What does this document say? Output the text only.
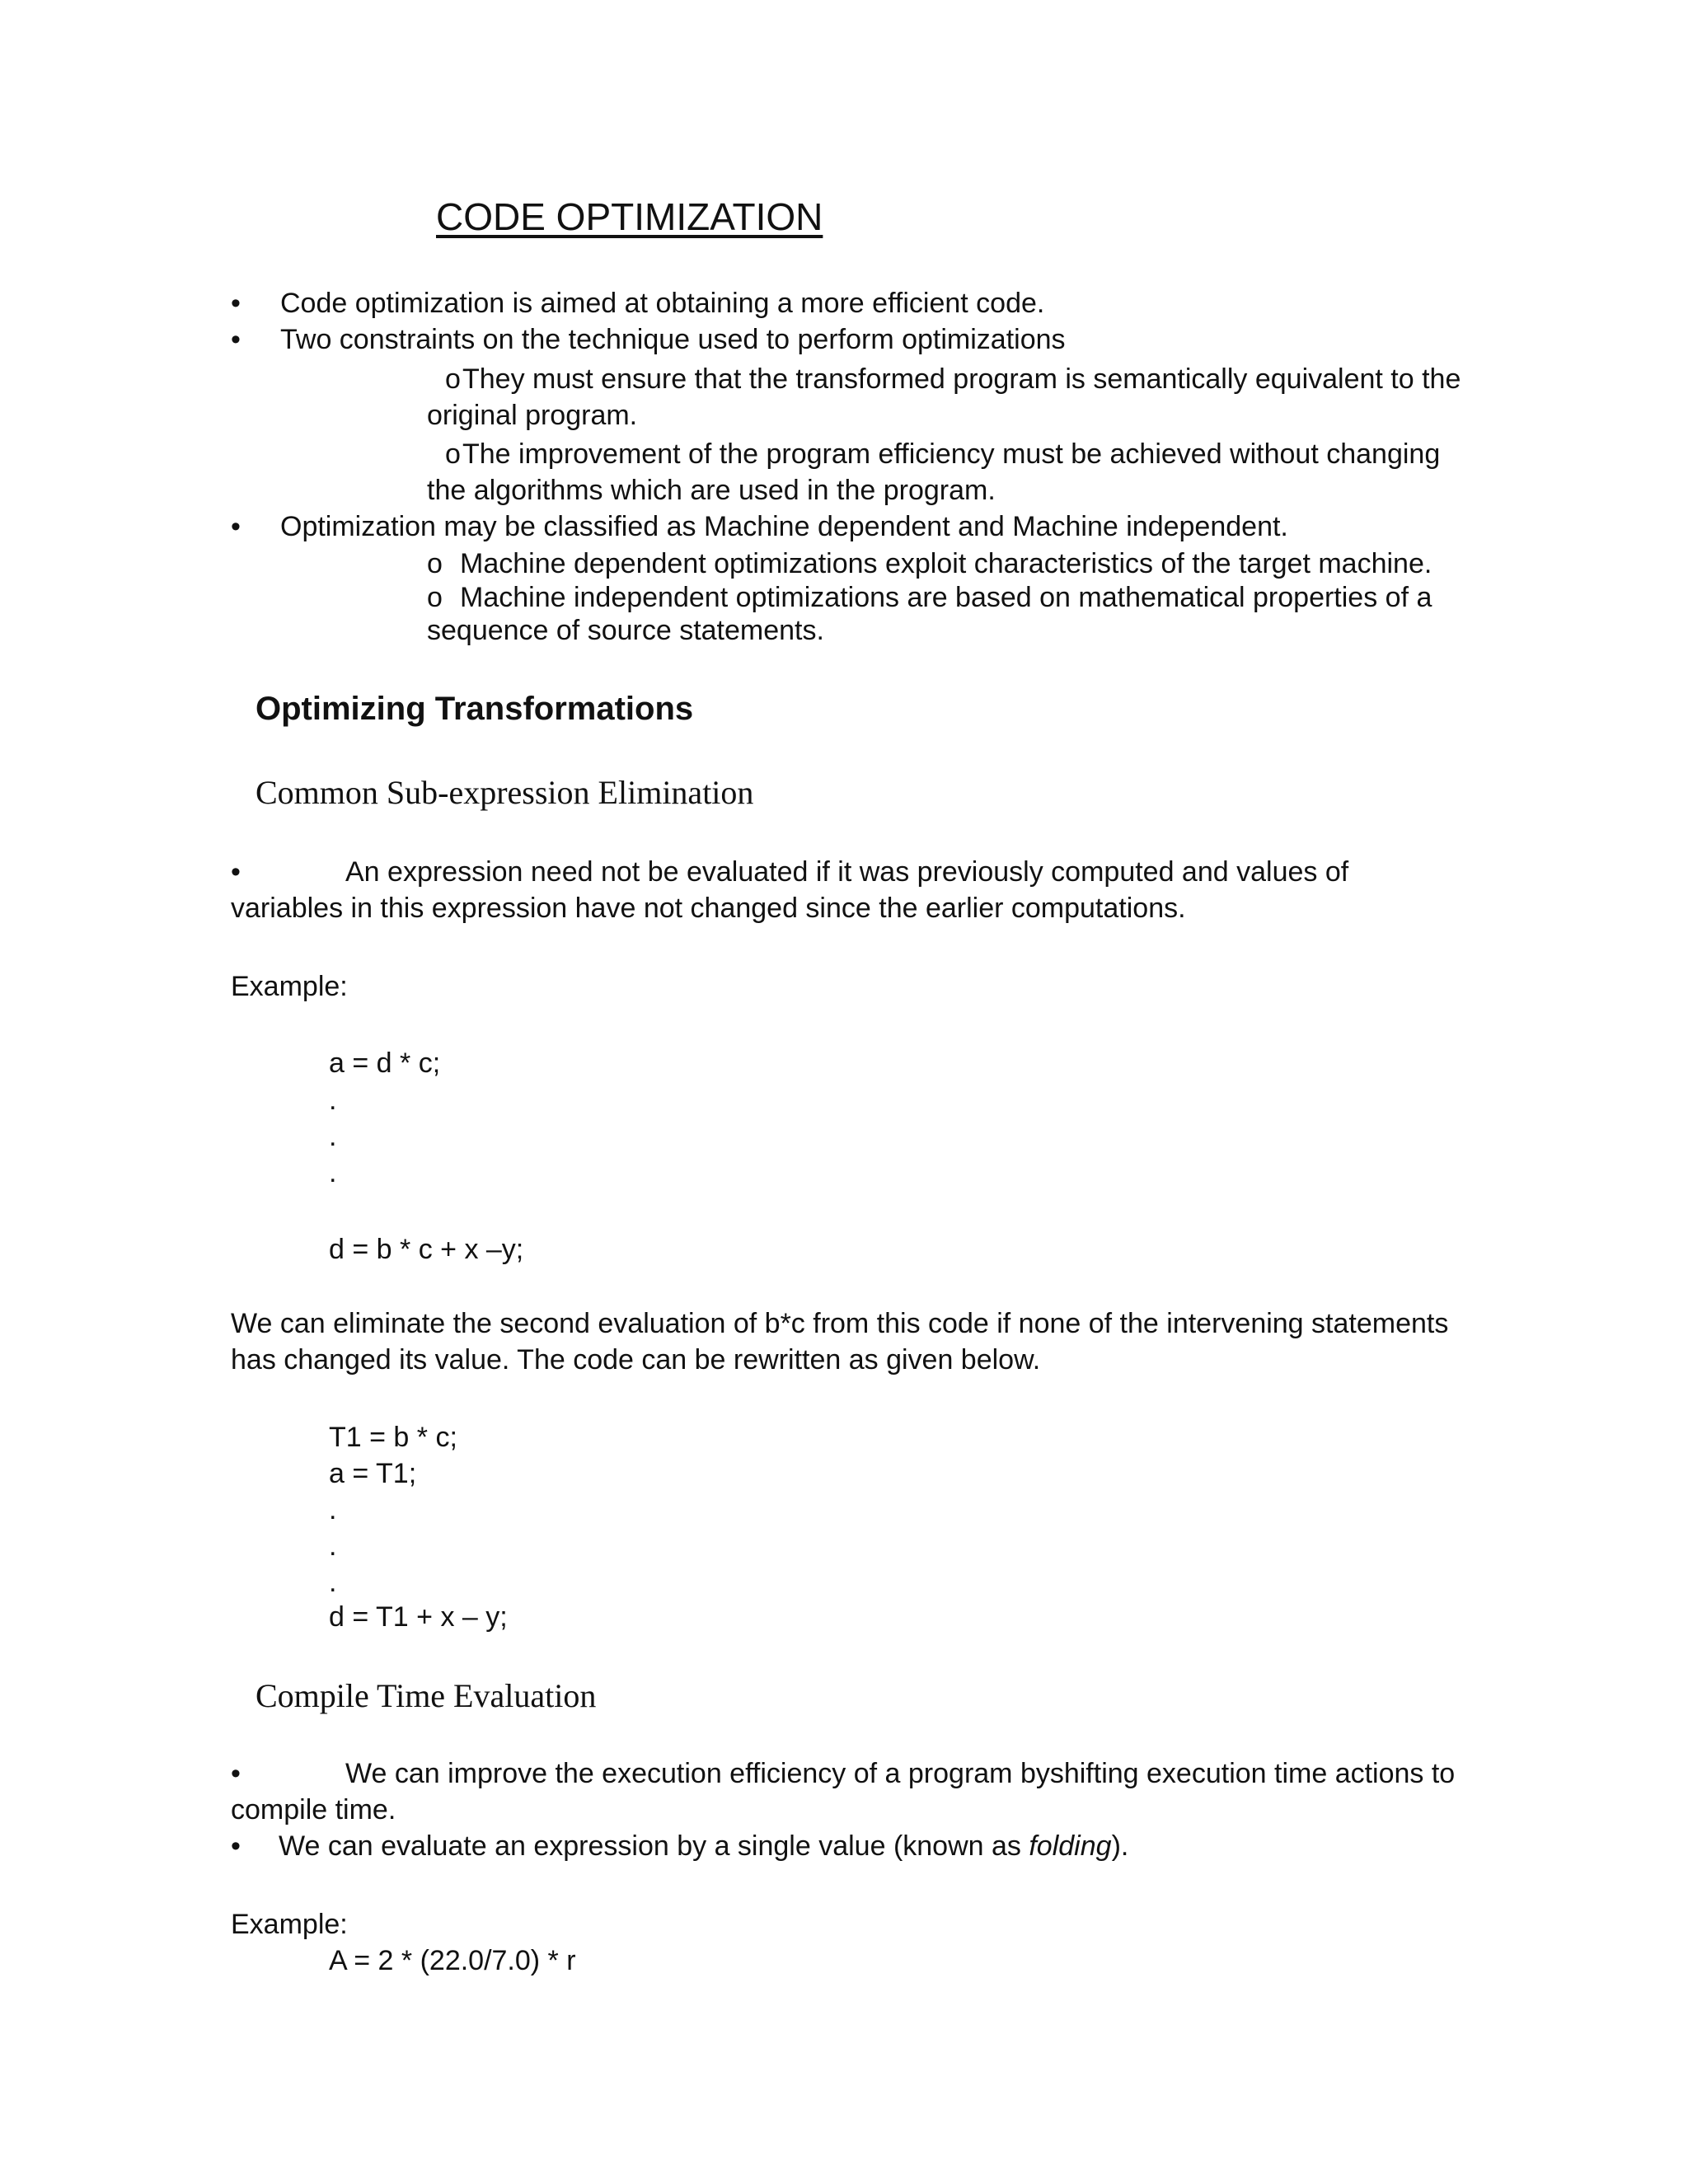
CODE OPTIMIZATION
• Code optimization is aimed at obtaining a more efficient code.
• Two constraints on the technique used to perform optimizations
o They must ensure that the transformed program is semantically equivalent to the
original program.
o The improvement of the program efficiency must be achieved without changing
the algorithms which are used in the program.
• Optimization may be classified as Machine dependent and Machine independent.
o Machine dependent optimizations exploit characteristics of the target machine.
o Machine independent optimizations are based on mathematical properties of a
sequence of source statements.
Optimizing Transformations
Common Sub-expression Elimination
•	An expression need not be evaluated if it was previously computed and values of
variables in this expression have not changed since the earlier computations.
Example:
a = d * c;
.
.
.
d = b * c + x –y;
We can eliminate the second evaluation of b*c from this code if none of the intervening statements
has changed its value. The code can be rewritten as given below.
T1 = b * c;
a = T1;
.
.
.
d = T1 + x – y;
Compile Time Evaluation
•	We can improve the execution efficiency of a program byshifting execution time actions to
compile time.
• We can evaluate an expression by a single value (known as folding).
Example:
A = 2 * (22.0/7.0) * r
